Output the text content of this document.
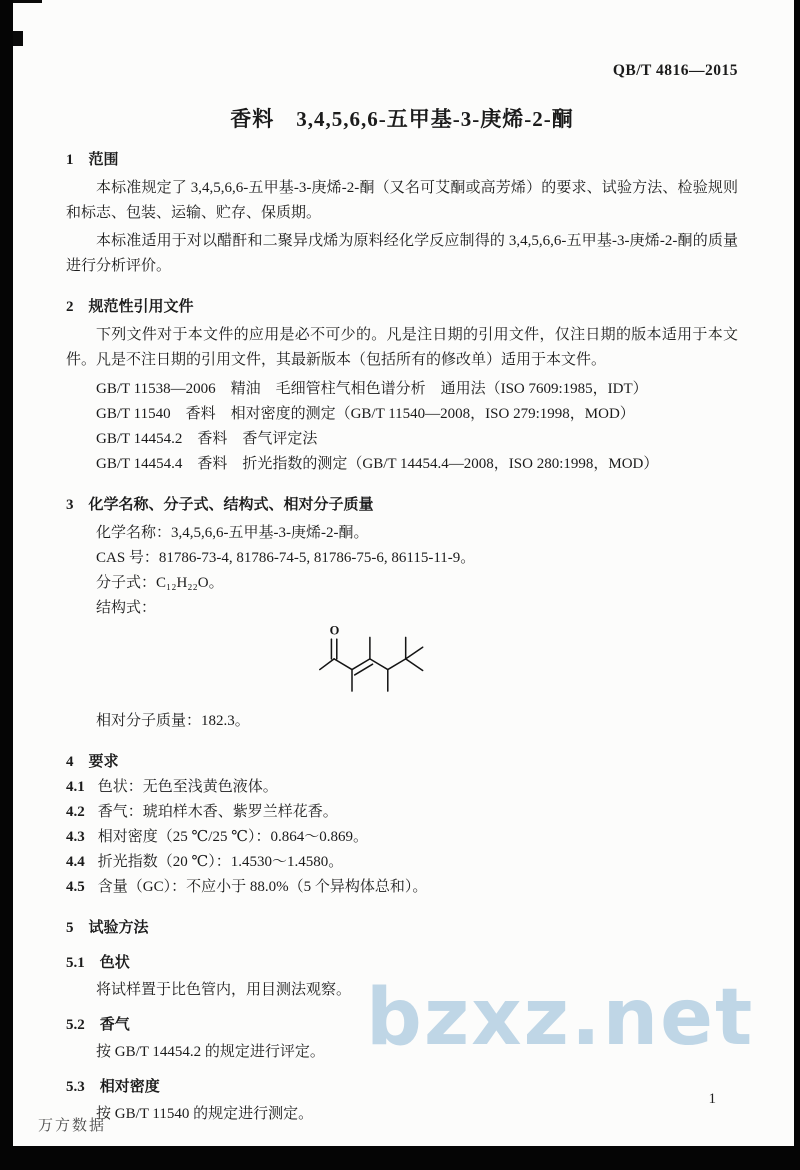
QB/T 4816—2015
香料　3,4,5,6,6-五甲基-3-庚烯-2-酮
1　范围

本标准规定了 3,4,5,6,6-五甲基-3-庚烯-2-酮（又名可艾酮或高芳烯）的要求、试验方法、检验规则和标志、包装、运输、贮存、保质期。

本标准适用于对以醋酐和二聚异戊烯为原料经化学反应制得的 3,4,5,6,6-五甲基-3-庚烯-2-酮的质量进行分析评价。

2　规范性引用文件

下列文件对于本文件的应用是必不可少的。凡是注日期的引用文件，仅注日期的版本适用于本文件。凡是不注日期的引用文件，其最新版本（包括所有的修改单）适用于本文件。

GB/T 11538—2006　精油　毛细管柱气相色谱分析　通用法（ISO 7609:1985，IDT）
GB/T 11540　香料　相对密度的测定（GB/T 11540—2008，ISO 279:1998，MOD）
GB/T 14454.2　香料　香气评定法
GB/T 14454.4　香料　折光指数的测定（GB/T 14454.4—2008，ISO 280:1998，MOD）
3　化学名称、分子式、结构式、相对分子质量
化学名称：3,4,5,6,6-五甲基-3-庚烯-2-酮。
CAS 号：81786-73-4, 81786-74-5, 81786-75-6, 86115-11-9。
分子式：C₁₂H₂₂O。
结构式：
O
相对分子质量：182.3。
4　要求
4.1 色状：无色至浅黄色液体。
4.2 香气：琥珀样木香、紫罗兰样花香。
4.3 相对密度（25 ℃/25 ℃）：0.864～0.869。
4.4 折光指数（20 ℃）：1.4530～1.4580。
4.5 含量（GC）：不应小于 88.0%（5 个异构体总和）。
5　试验方法
5.1　色状

将试样置于比色管内，用目测法观察。

5.2　香气

按 GB/T 14454.2 的规定进行评定。

5.3　相对密度

按 GB/T 11540 的规定进行测定。

bzxz.net
万方数据
1
